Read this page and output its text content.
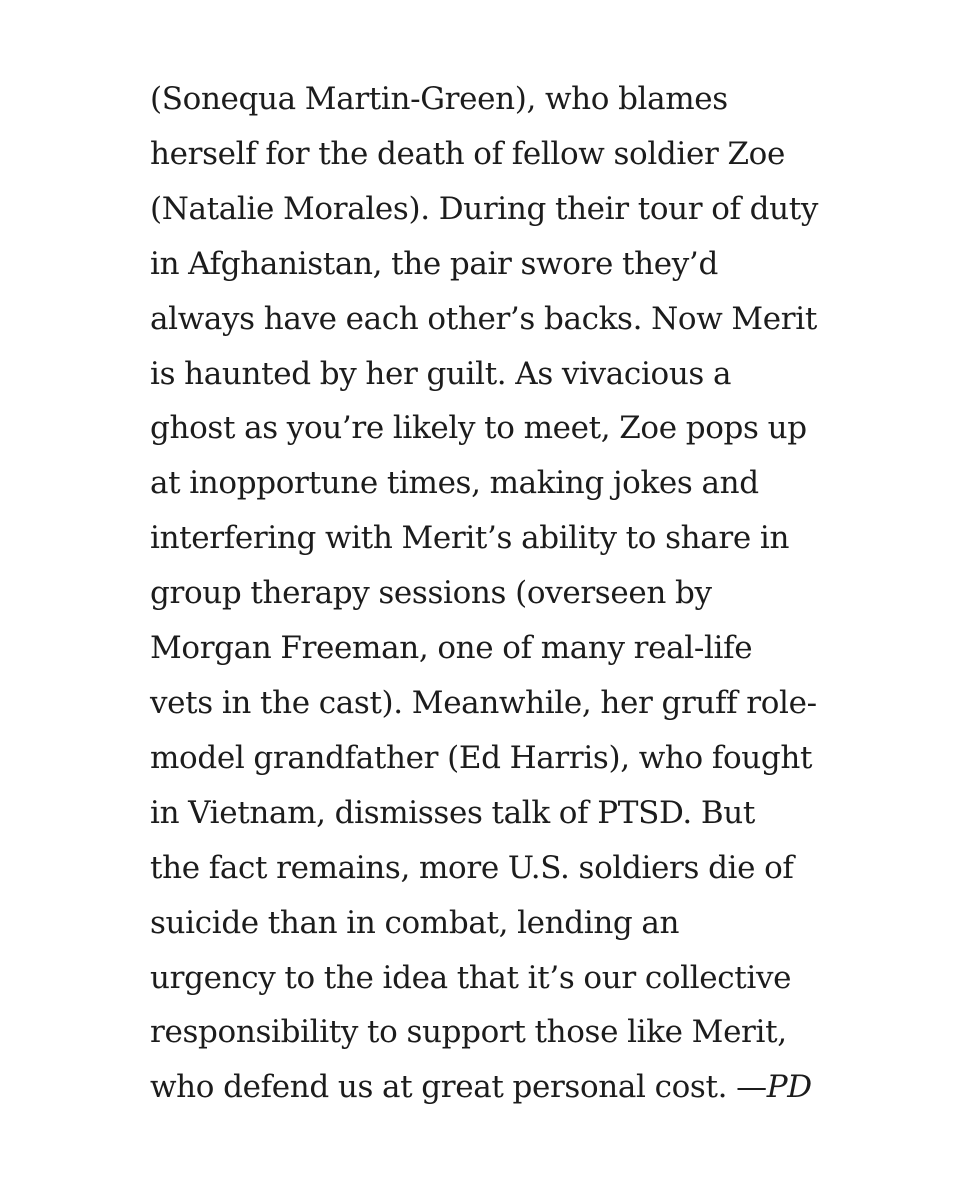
(Sonequa Martin-Green), who blames
herself for the death of fellow soldier Zoe
(Natalie Morales). During their tour of duty
in Afghanistan, the pair swore they’d
always have each other’s backs. Now Merit
is haunted by her guilt. As vivacious a
ghost as you’re likely to meet, Zoe pops up
at inopportune times, making jokes and
interfering with Merit’s ability to share in
group therapy sessions (overseen by
Morgan Freeman, one of many real-life
vets in the cast). Meanwhile, her gruff role-
model grandfather (Ed Harris), who fought
in Vietnam, dismisses talk of PTSD. But
the fact remains, more U.S. soldiers die of
suicide than in combat, lending an
urgency to the idea that it’s our collective
responsibility to support those like Merit,
who defend us at great personal cost. —PD
